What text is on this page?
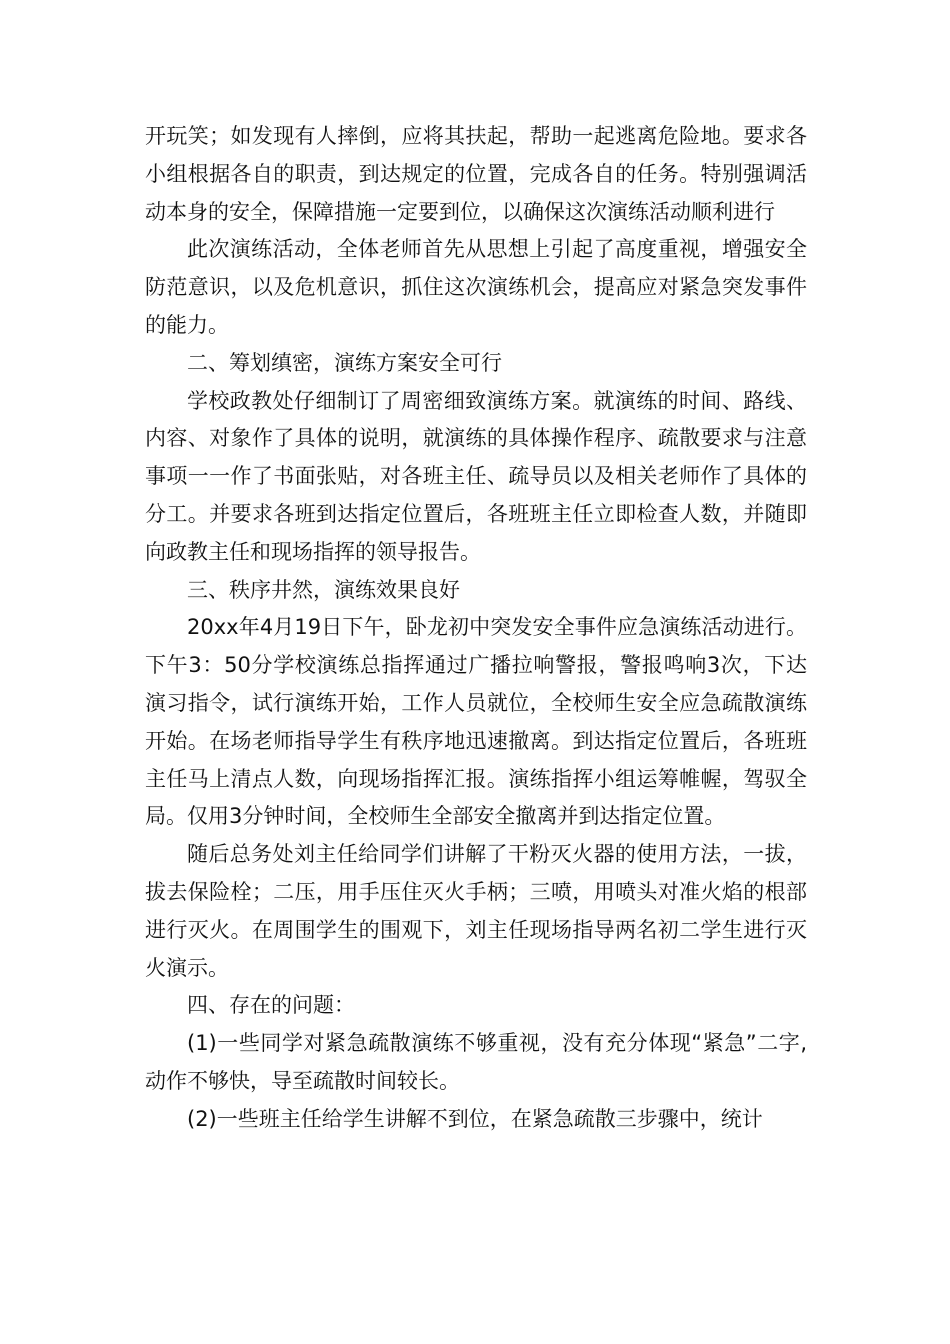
开玩笑；如发现有人摔倒，应将其扶起，帮助一起逃离危险地。要求各小组根据各自的职责，到达规定的位置，完成各自的任务。特别强调活动本身的安全，保障措施一定要到位，以确保这次演练活动顺利进行

此次演练活动，全体老师首先从思想上引起了高度重视，增强安全防范意识，以及危机意识，抓住这次演练机会，提高应对紧急突发事件的能力。

二、筹划缜密，演练方案安全可行

学校政教处仔细制订了周密细致演练方案。就演练的时间、路线、内容、对象作了具体的说明，就演练的具体操作程序、疏散要求与注意事项一一作了书面张贴，对各班主任、疏导员以及相关老师作了具体的分工。并要求各班到达指定位置后，各班班主任立即检查人数，并随即向政教主任和现场指挥的领导报告。

三、秩序井然，演练效果良好

20xx年4月19日下午，卧龙初中突发安全事件应急演练活动进行。下午3：50分学校演练总指挥通过广播拉响警报，警报鸣响3次，下达演习指令，试行演练开始，工作人员就位，全校师生安全应急疏散演练开始。在场老师指导学生有秩序地迅速撤离。到达指定位置后，各班班主任马上清点人数，向现场指挥汇报。演练指挥小组运筹帷幄，驾驭全局。仅用3分钟时间，全校师生全部安全撤离并到达指定位置。

随后总务处刘主任给同学们讲解了干粉灭火器的使用方法，一拔，拔去保险栓；二压，用手压住灭火手柄；三喷，用喷头对准火焰的根部进行灭火。在周围学生的围观下，刘主任现场指导两名初二学生进行灭火演示。

四、存在的问题：

(1)一些同学对紧急疏散演练不够重视，没有充分体现“紧急”二字,动作不够快，导至疏散时间较长。

(2)一些班主任给学生讲解不到位，在紧急疏散三步骤中，统计
